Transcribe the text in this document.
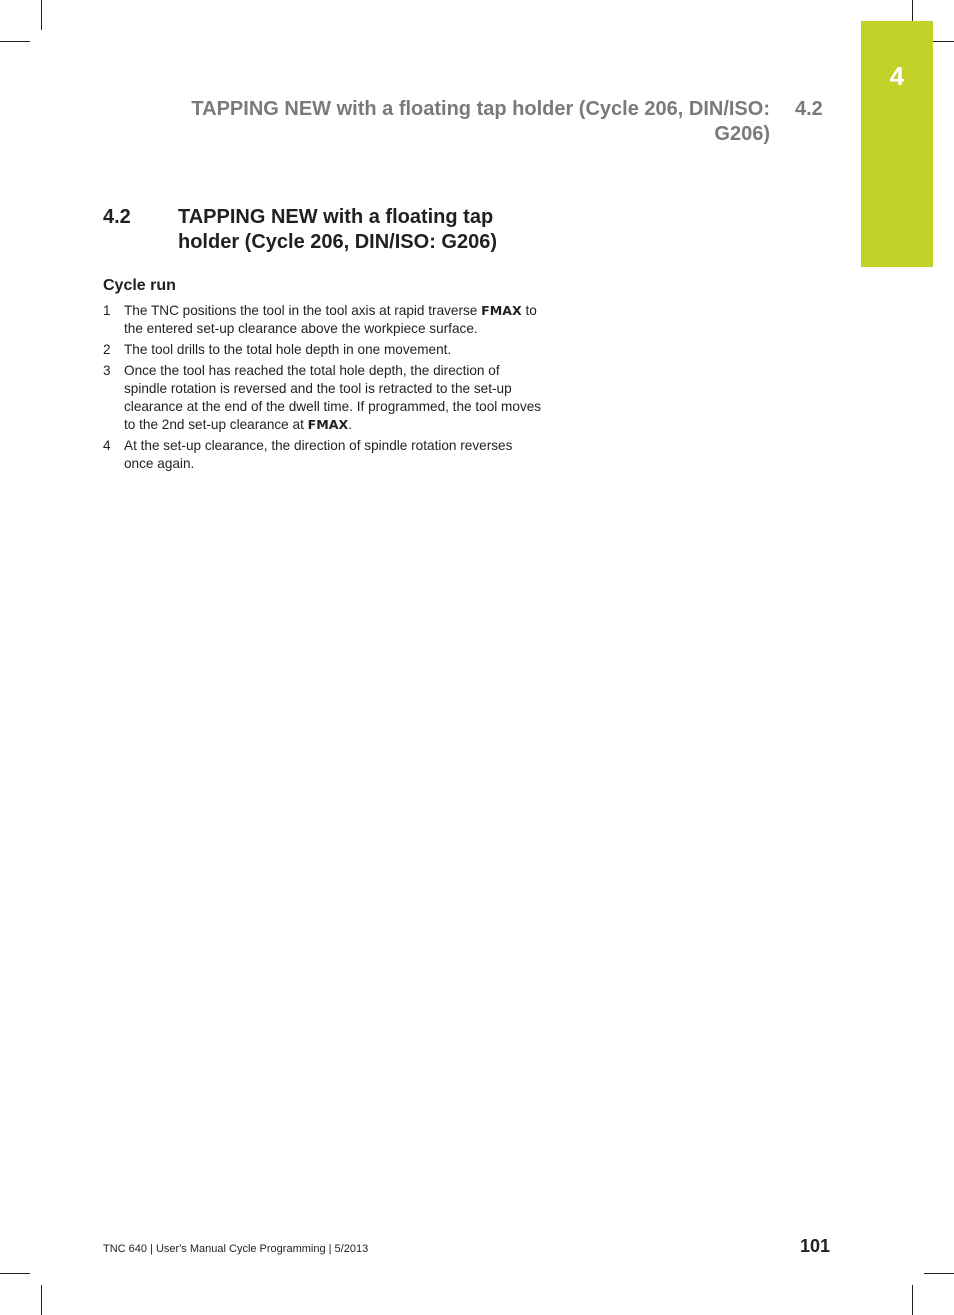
4
TAPPING NEW with a floating tap holder (Cycle 206, DIN/ISO: G206)
4.2
4.2 TAPPING NEW with a floating tap holder (Cycle 206, DIN/ISO: G206)
Cycle run
1 The TNC positions the tool in the tool axis at rapid traverse FMAX to the entered set-up clearance above the workpiece surface.
2 The tool drills to the total hole depth in one movement.
3 Once the tool has reached the total hole depth, the direction of spindle rotation is reversed and the tool is retracted to the set-up clearance at the end of the dwell time. If programmed, the tool moves to the 2nd set-up clearance at FMAX.
4 At the set-up clearance, the direction of spindle rotation reverses once again.
TNC 640 | User's Manual Cycle Programming | 5/2013	101
